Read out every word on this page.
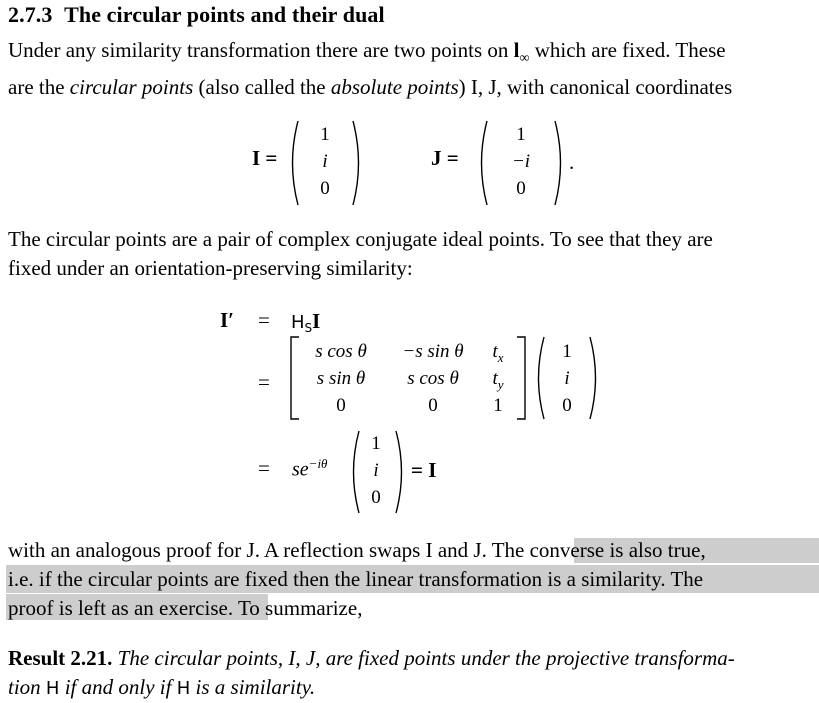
2.7.3 The circular points and their dual
Under any similarity transformation there are two points on $l_\infty$ which are fixed. These
are the circular points (also called the absolute points) I, J, with canonical coordinates
I =
1
i
0
J =
1
−i
0
.
The circular points are a pair of complex conjugate ideal points. To see that they are
fixed under an orientation-preserving similarity:
$I' = H_SI$
=
s cos θ	−s sin θ	$t_x$
s sin θ	s cos θ	$t_y$
0	0	1
1
i
0
= $se^{-i\theta}$
1
i
0
= I
with an analogous proof for J. A reflection swaps I and J. The converse is also true,
i.e. if the circular points are fixed then the linear transformation is a similarity. The
proof is left as an exercise. To summarize,
Result 2.21. The circular points, I, J, are fixed points under the projective transforma-
tion H if and only if H is a similarity.
